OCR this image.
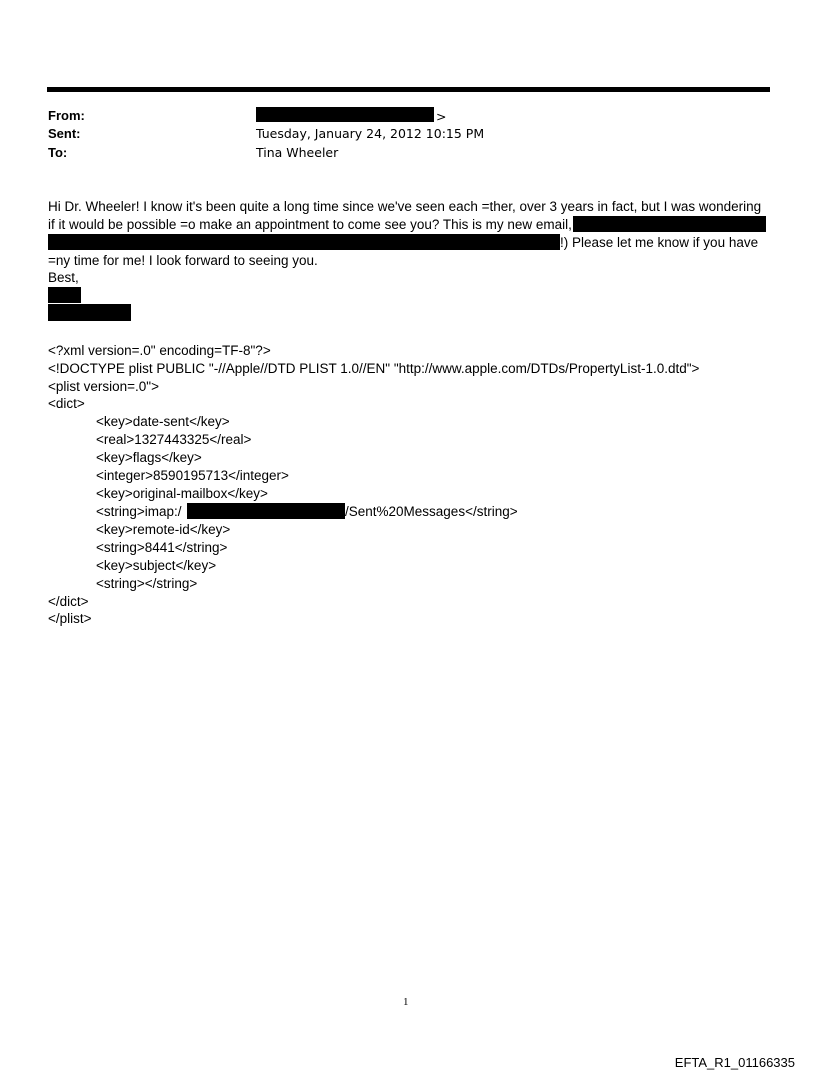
From:	>
Sent:	Tuesday, January 24, 2012 10:15 PM
To:	Tina Wheeler
Hi Dr. Wheeler! I know it's been quite a long time since we've seen each =ther, over 3 years in fact, but I was wondering
if it would be possible =o make an appointment to come see you? This is my new email,
!) Please let me know if you have
=ny time for me! I look forward to seeing you.
Best,
<?xml version=.0" encoding=TF-8"?>
<!DOCTYPE plist PUBLIC "-//Apple//DTD PLIST 1.0//EN" "http://www.apple.com/DTDs/PropertyList-1.0.dtd">
<plist version=.0">
<dict>
<key>date-sent</key>
<real>1327443325</real>
<key>flags</key>
<integer>8590195713</integer>
<key>original-mailbox</key>
<string>imap:/	/Sent%20Messages</string>
<key>remote-id</key>
<string>8441</string>
<key>subject</key>
<string></string>
</dict>
</plist>
1
EFTA_R1_01166335
